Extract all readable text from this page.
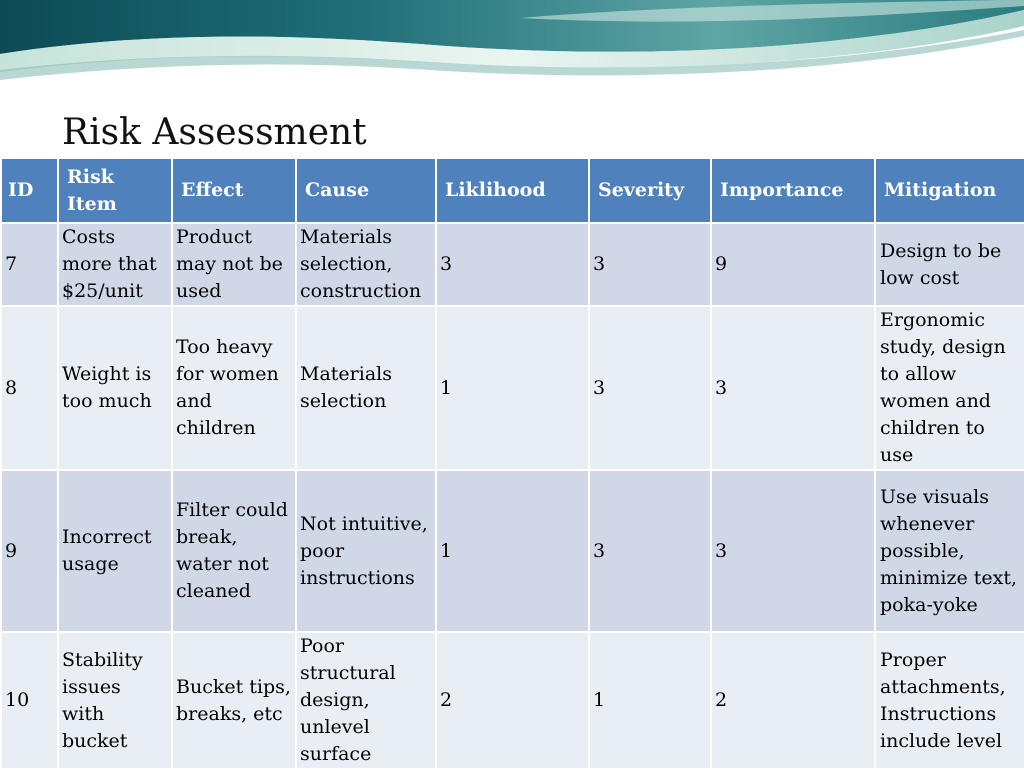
Risk Assessment
ID	Risk Item	Effect	Cause	Liklihood	Severity	Importance	Mitigation
7	Costs more that $25/unit	Product may not be used	Materials selection, construction	3	3	9	Design to be low cost
8	Weight is too much	Too heavy for women and children	Materials selection	1	3	3	Ergonomic study, design to allow women and children to use
9	Incorrect usage	Filter could break, water not cleaned	Not intuitive, poor instructions	1	3	3	Use visuals whenever possible, minimize text, poka-yoke
10	Stability issues with bucket	Bucket tips, breaks, etc	Poor structural design, unlevel surface	2	1	2	Proper attachments, Instructions include level
